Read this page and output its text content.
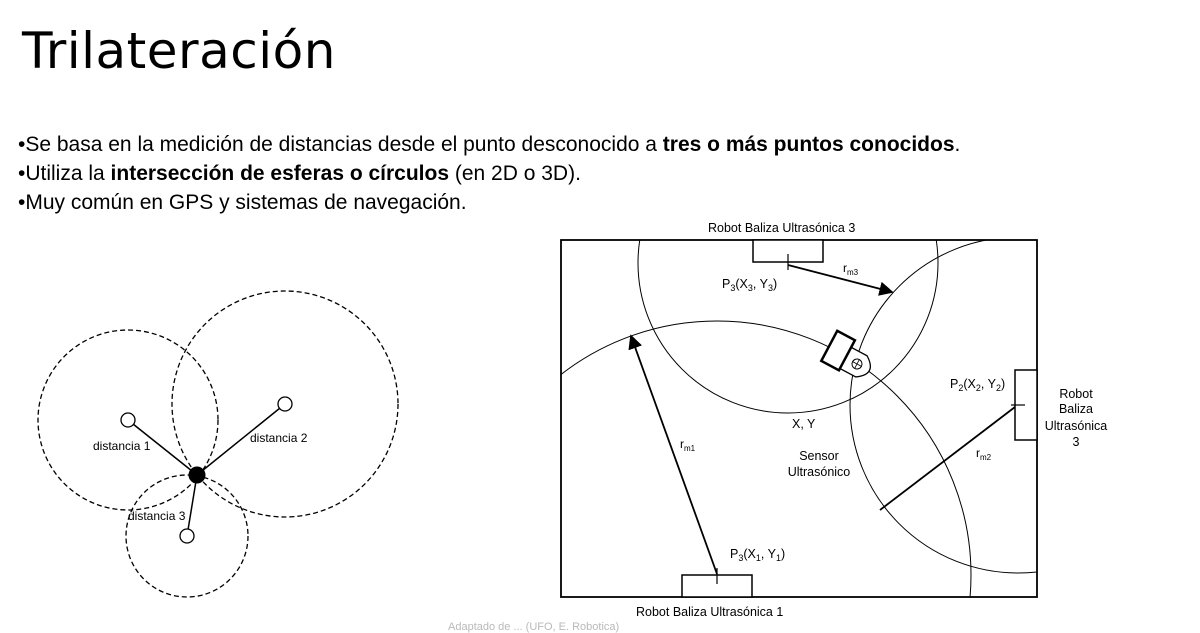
Trilateración
•Se basa en la medición de distancias desde el punto desconocido a tres o más puntos conocidos.
•Utiliza la intersección de esferas o círculos (en 2D o 3D).
•Muy común en GPS y sistemas de navegación.
distancia 1
distancia 2
distancia 3
Robot Baliza Ultrasónica 3
Robot Baliza Ultrasónica 1
Robot
Baliza
Ultrasónica
3
$P_3(X_3$, $Y_3$)
$P_2(X_2$, $Y_2$)
$P_3(X_1$, $Y_1$)
$r_{m3}$
$r_{m2}$
$r_{m1}$
X, Y
Sensor
Ultrasónico
Adaptado de ... (UFO, E. Robotica)
